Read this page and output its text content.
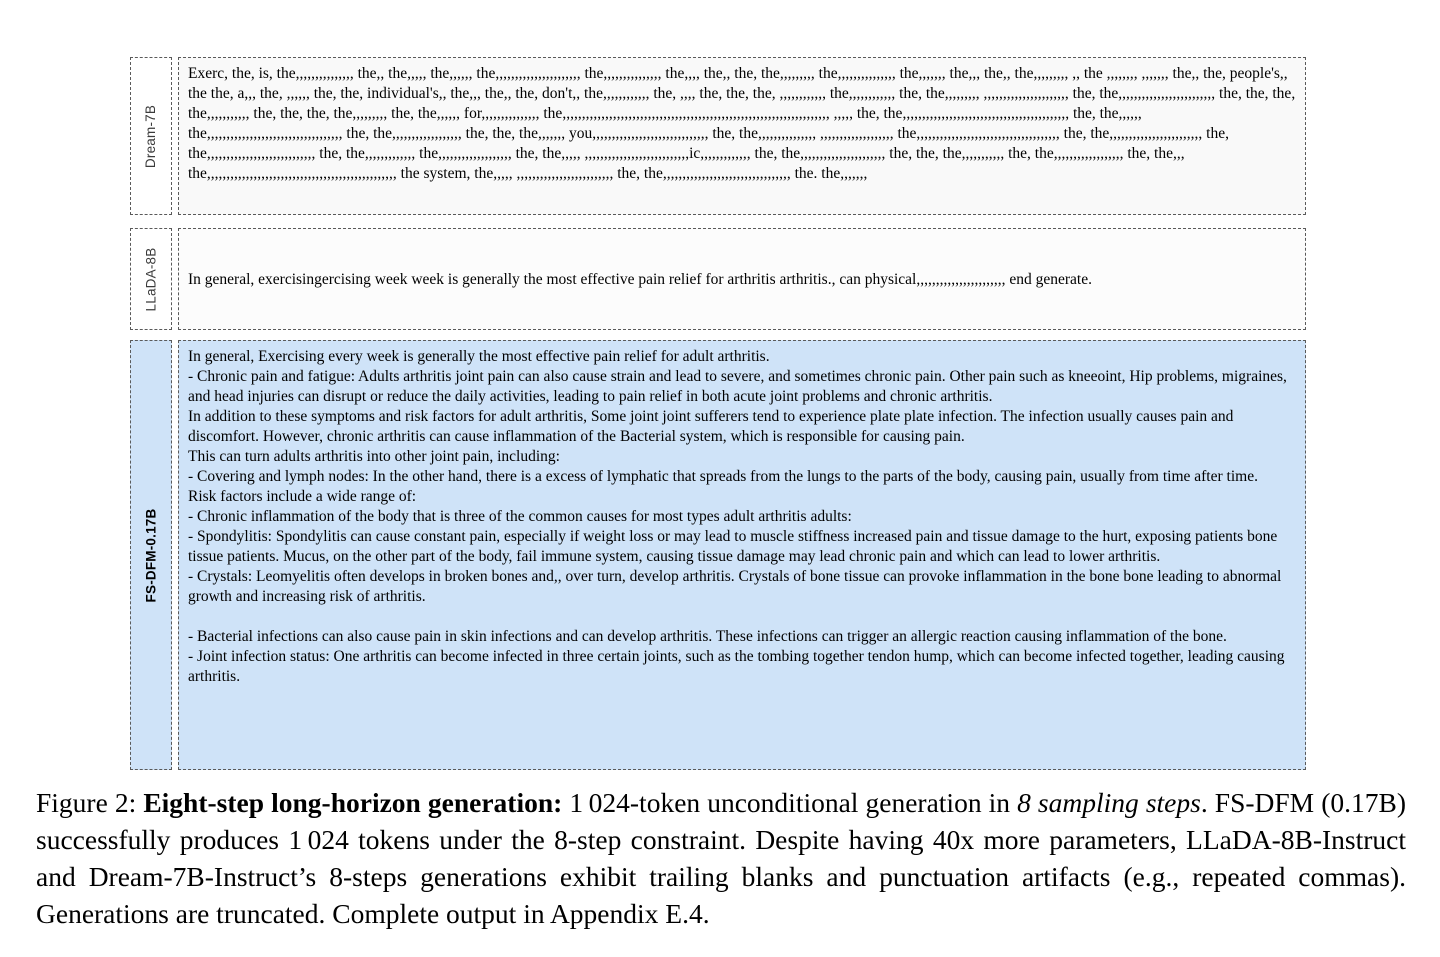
Dream-7B
Exerc, the, is, the,,,,,,,,,,,,,,, the,, the,,,,, the,,,,,, the,,,,,,,,,,,,,,,,,,,,,, the,,,,,,,,,,,,,,, the,,,, the,, the, the,,,,,,,,, the,,,,,,,,,,,,,,, the,,,,,,, the,,, the,, the,,,,,,,,, ,, the ,,,,,,,, ,,,,,,, the,, the, people's,, the the, a,,, the, ,,,,,, the, the, individual's,, the,,, the,, the, don't,, the,,,,,,,,,,,, the, ,,,, the, the, the, ,,,,,,,,,,,, the,,,,,,,,,,,, the, the,,,,,,,,, ,,,,,,,,,,,,,,,,,,,,,, the, the,,,,,,,,,,,,,,,,,,,,,,,,, the, the, the, the,,,,,,,,,,, the, the, the, the,,,,,,,,, the, the,,,,,, for,,,,,,,,,,,,,,, the,,,,,,,,,,,,,,,,,,,,,,,,,,,,,,,,,,,,,,,,,,,,,,,,,,,,,,,,,,,,,,,,,,,,, ,,,,, the, the,,,,,,,,,,,,,,,,,,,,,,,,,,,,,,,,,,,,,,,,,,, the, the,,,,,, the,,,,,,,,,,,,,,,,,,,,,,,,,,,,,,,,,,, the, the,,,,,,,,,,,,,,,,,, the, the, the,,,,,,, you,,,,,,,,,,,,,,,,,,,,,,,,,,,,,, the, the,,,,,,,,,,,,,,, ,,,,,,,,,,,,,,,,,,, the,,,,,,,,,,,,,,,,,,,,,,,,,,,,,,,,,,,,, the, the,,,,,,,,,,,,,,,,,,,,,,,, the, the,,,,,,,,,,,,,,,,,,,,,,,,,,,, the, the,,,,,,,,,,,,, the,,,,,,,,,,,,,,,,,,, the, the,,,,, ,,,,,,,,,,,,,,,,,,,,,,,,,,,ic,,,,,,,,,,,,, the, the,,,,,,,,,,,,,,,,,,,,,, the, the, the,,,,,,,,,,, the, the,,,,,,,,,,,,,,,,,, the, the,,, the,,,,,,,,,,,,,,,,,,,,,,,,,,,,,,,,,,,,,,,,,,,,,,,,, the system, the,,,,, ,,,,,,,,,,,,,,,,,,,,,,,,, the, the,,,,,,,,,,,,,,,,,,,,,,,,,,,,,,,,, the. the,,,,,,,
LLaDA-8B In general, exercisingercising week week is generally the most effective pain relief for arthritis arthritis., can physical,,,,,,,,,,,,,,,,,,,,,,, end generate.
FS-DFM-0.17B
In general, Exercising every week is generally the most effective pain relief for adult arthritis.
- Chronic pain and fatigue: Adults arthritis joint pain can also cause strain and lead to severe, and sometimes chronic pain. Other pain such as kneeoint, Hip problems, migraines, and head injuries can disrupt or reduce the daily activities, leading to pain relief in both acute joint problems and chronic arthritis.
In addition to these symptoms and risk factors for adult arthritis, Some joint joint sufferers tend to experience plate plate infection. The infection usually causes pain and discomfort. However, chronic arthritis can cause inflammation of the Bacterial system, which is responsible for causing pain.
This can turn adults arthritis into other joint pain, including:
- Covering and lymph nodes: In the other hand, there is a excess of lymphatic that spreads from the lungs to the parts of the body, causing pain, usually from time after time.
Risk factors include a wide range of:
- Chronic inflammation of the body that is three of the common causes for most types adult arthritis adults:
- Spondylitis: Spondylitis can cause constant pain, especially if weight loss or may lead to muscle stiffness increased pain and tissue damage to the hurt, exposing patients bone tissue patients. Mucus, on the other part of the body, fail immune system, causing tissue damage may lead chronic pain and which can lead to lower arthritis.
- Crystals: Leomyelitis often develops in broken bones and,, over turn, develop arthritis. Crystals of bone tissue can provoke inflammation in the bone bone leading to abnormal growth and increasing risk of arthritis.
- Bacterial infections can also cause pain in skin infections and can develop arthritis. These infections can trigger an allergic reaction causing inflammation of the bone.
- Joint infection status: One arthritis can become infected in three certain joints, such as the tombing together tendon hump, which can become infected together, leading causing arthritis.
Figure 2: Eight-step long-horizon generation: 1 024-token unconditional generation in 8 sampling steps. FS-DFM (0.17B) successfully produces 1 024 tokens under the 8-step constraint. Despite having 40x more parameters, LLaDA-8B-Instruct and Dream-7B-Instruct’s 8-steps generations exhibit trailing blanks and punctuation artifacts (e.g., repeated commas). Generations are truncated. Complete output in Appendix E.4.
